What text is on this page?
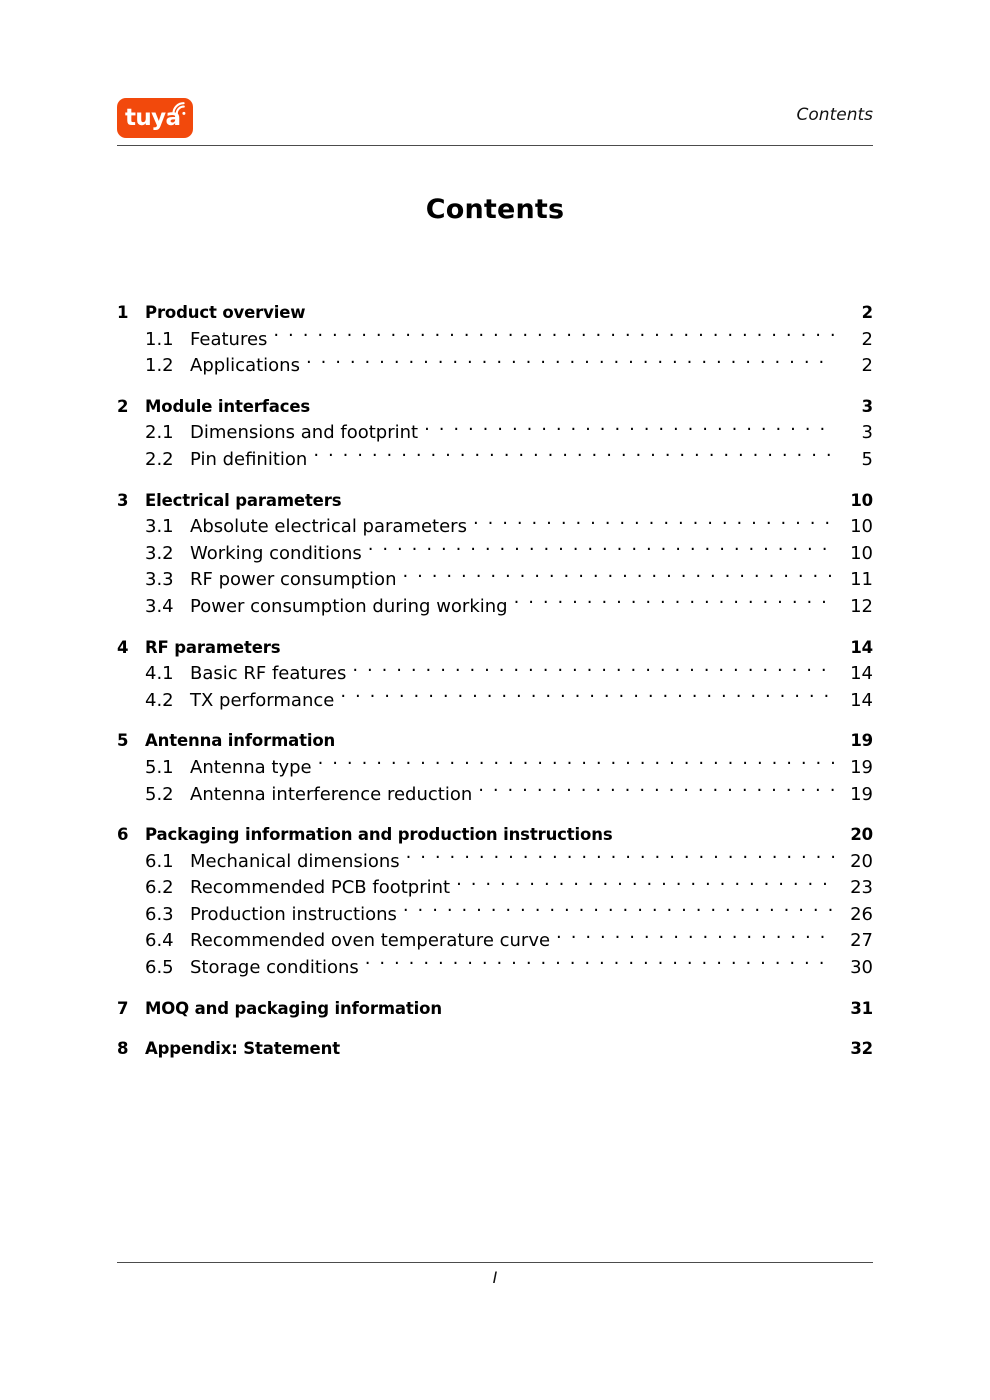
tuya	Contents
Contents
1	Product overview	2
1.1 Features . . .	2
1.2 Applications . . .	2
2	Module interfaces	3
2.1 Dimensions and footprint . . .	3
2.2 Pin definition . . .	5
3	Electrical parameters	10
3.1 Absolute electrical parameters . . .	10
3.2 Working conditions . . .	10
3.3 RF power consumption . . .	11
3.4 Power consumption during working . . .	12
4	RF parameters	14
4.1 Basic RF features . . .	14
4.2 TX performance . . .	14
5	Antenna information	19
5.1 Antenna type . . .	19
5.2 Antenna interference reduction . . .	19
6	Packaging information and production instructions	20
6.1 Mechanical dimensions . . .	20
6.2 Recommended PCB footprint . . .	23
6.3 Production instructions . . .	26
6.4 Recommended oven temperature curve . . .	27
6.5 Storage conditions . . .	30
7	MOQ and packaging information	31
8	Appendix: Statement	32
I
